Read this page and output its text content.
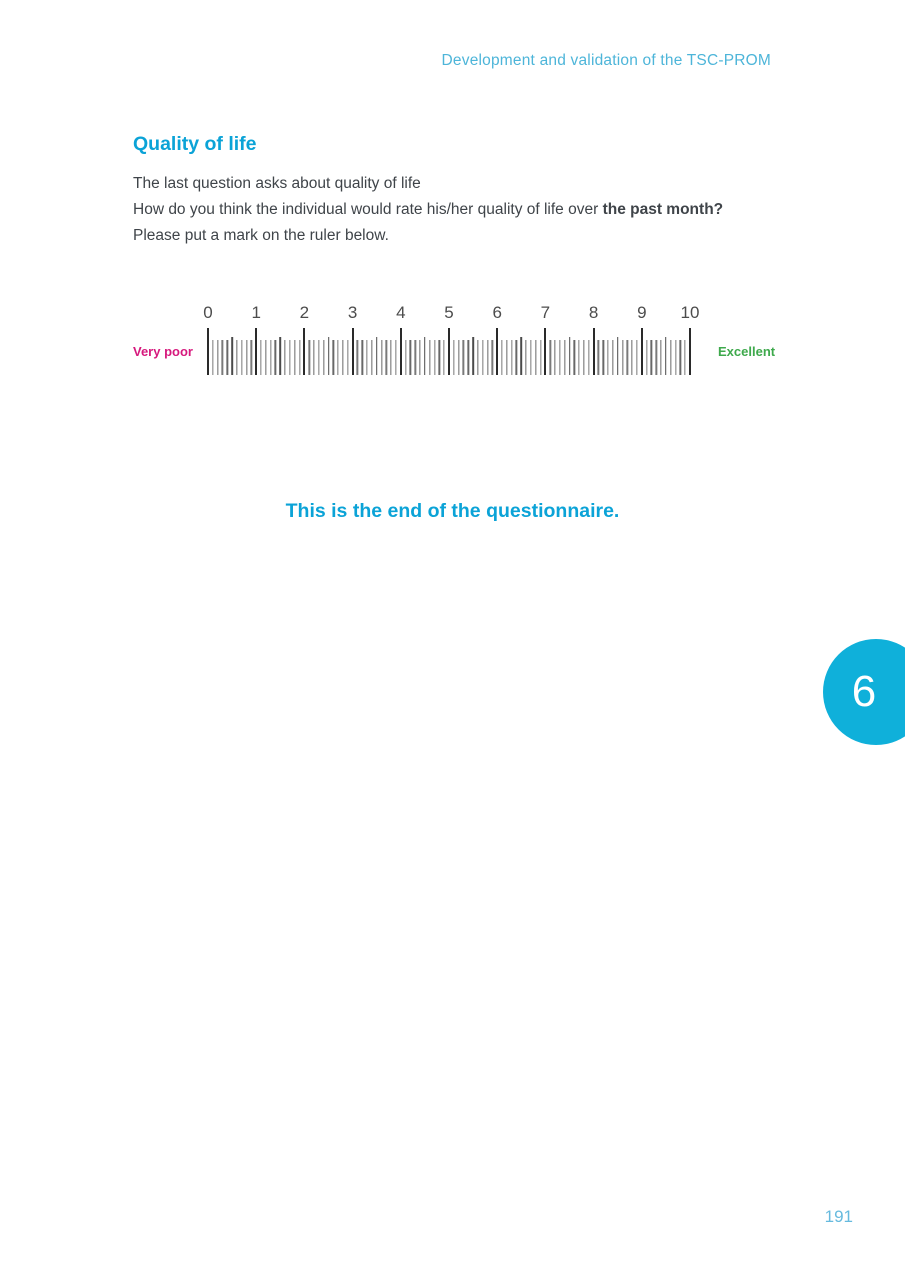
Development and validation of the TSC-PROM
Quality of life
The last question asks about quality of life
How do you think the individual would rate his/her quality of life over the past month?
Please put a mark on the ruler below.
0 1 2 3 4 5 6 7 8 9 10
Very poor	Excellent
This is the end of the questionnaire.
6
191
